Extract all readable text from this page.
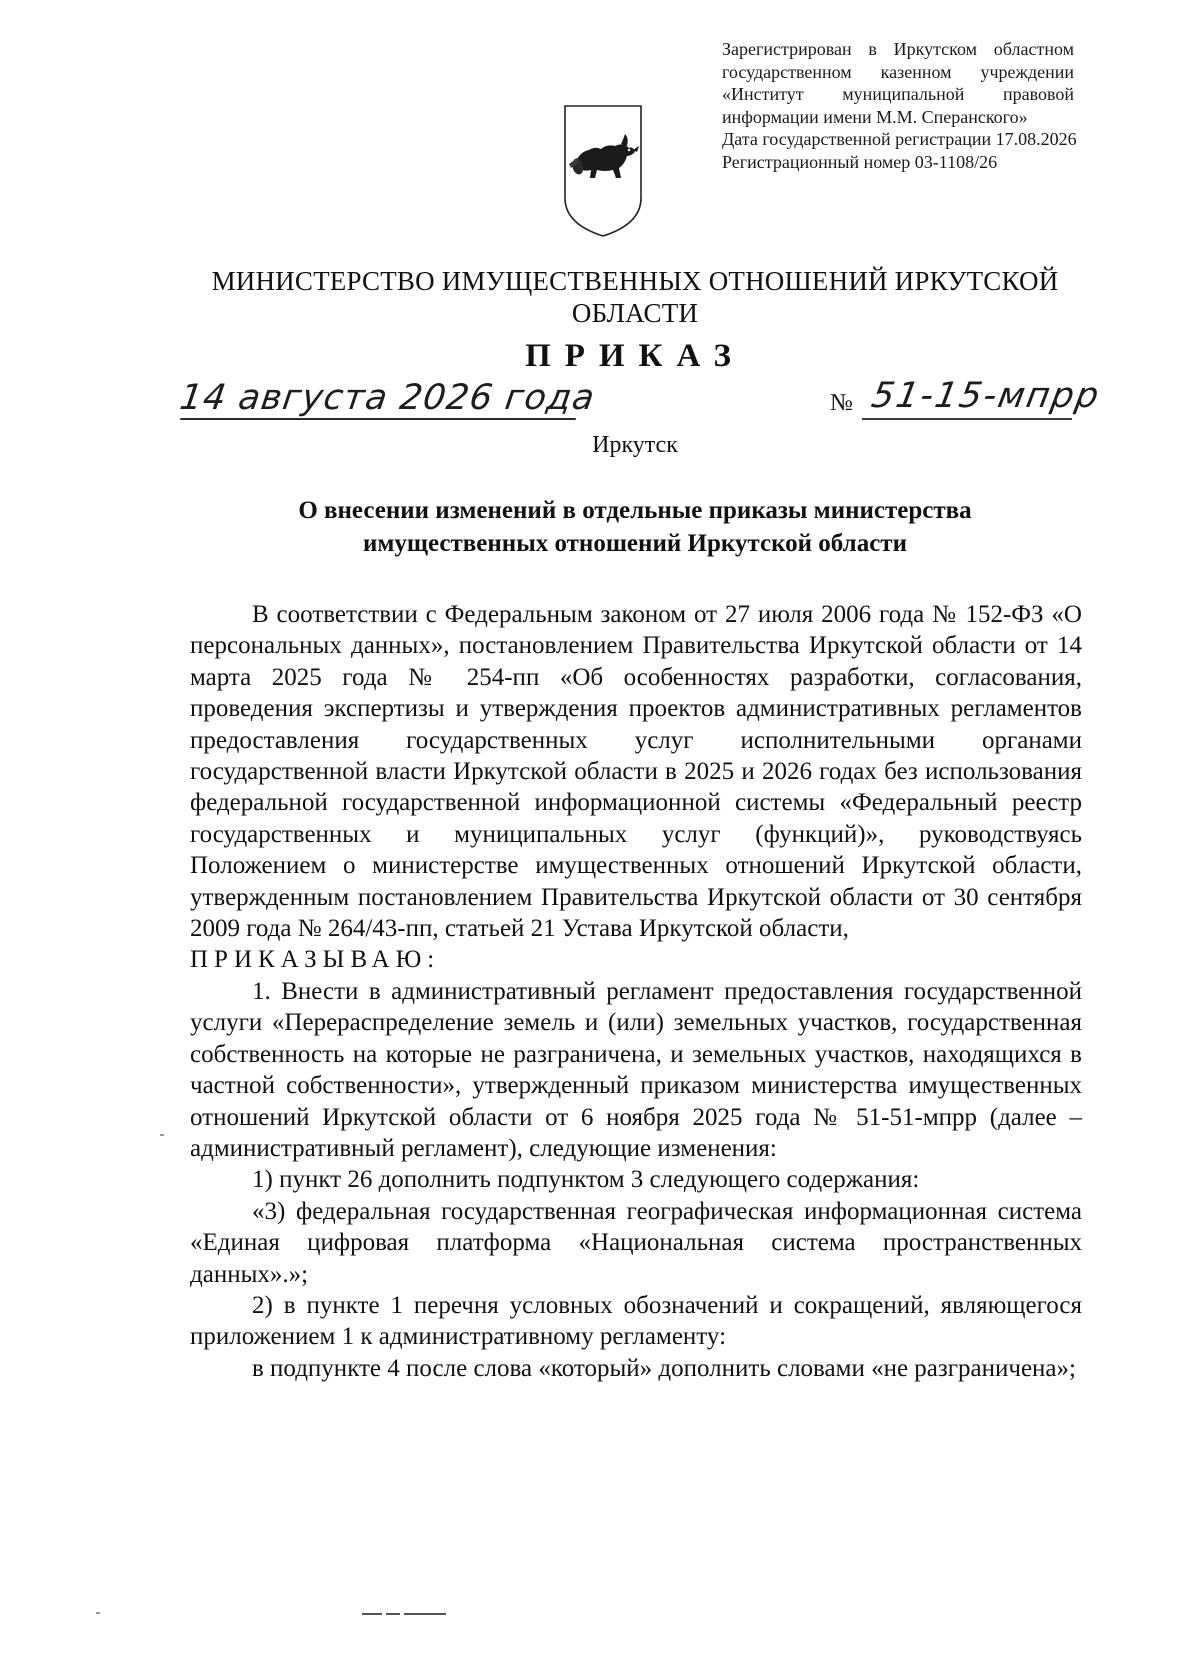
Зарегистрирован в Иркутском областном
государственном казенном учреждении
«Институт муниципальной правовой
информации имени М.М. Сперанского»
Дата государственной регистрации 17.08.2026
Регистрационный номер 03-1108/26
МИНИСТЕРСТВО ИМУЩЕСТВЕННЫХ ОТНОШЕНИЙ ИРКУТСКОЙ
ОБЛАСТИ
ПРИКАЗ
14 августа 2026 года	№ 51-15-мпрр
Иркутск
О внесении изменений в отдельные приказы министерства
имущественных отношений Иркутской области

В соответствии с Федеральным законом от 27 июля 2006 года № 152-ФЗ «О персональных данных», постановлением Правительства Иркутской области от 14 марта 2025 года № 254-пп «Об особенностях разработки, согласования, проведения экспертизы и утверждения проектов административных регламентов предоставления государственных услуг исполнительными органами государственной власти Иркутской области в 2025 и 2026 годах без использования федеральной государственной информационной системы «Федеральный реестр государственных и муниципальных услуг (функций)», руководствуясь Положением о министерстве имущественных отношений Иркутской области, утвержденным постановлением Правительства Иркутской области от 30 сентября 2009 года № 264/43-пп, статьей 21 Устава Иркутской области,

ПРИКАЗЫВАЮ:

1. Внести в административный регламент предоставления государственной услуги «Перераспределение земель и (или) земельных участков, государственная собственность на которые не разграничена, и земельных участков, находящихся в частной собственности», утвержденный приказом министерства имущественных отношений Иркутской области от 6 ноября 2025 года № 51-51-мпрр (далее – административный регламент), следующие изменения:

1) пункт 26 дополнить подпунктом 3 следующего содержания:

«3) федеральная государственная географическая информационная система «Единая цифровая платформа «Национальная система пространственных данных».»;

2) в пункте 1 перечня условных обозначений и сокращений, являющегося приложением 1 к административному регламенту:

в подпункте 4 после слова «который» дополнить словами «не разграничена»;
